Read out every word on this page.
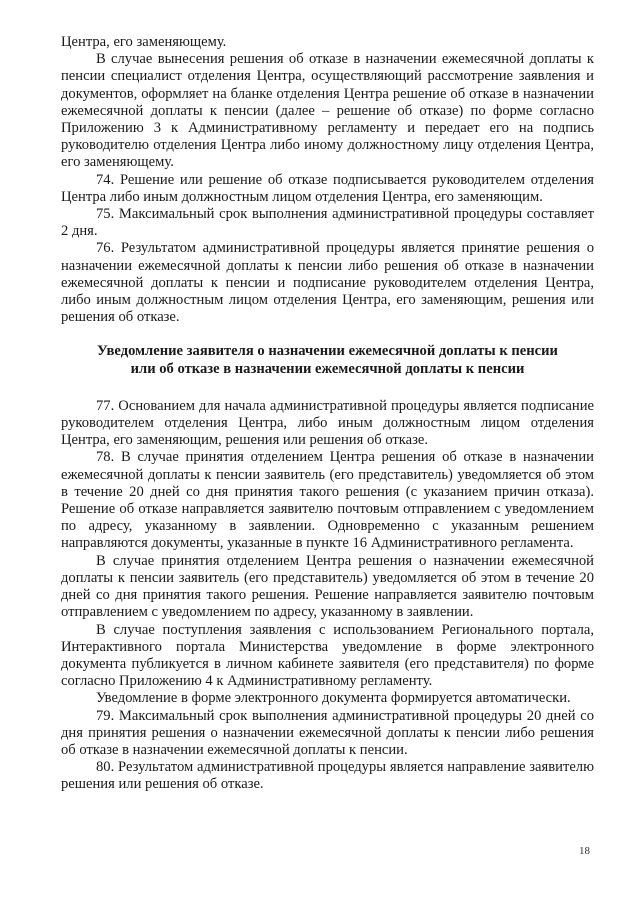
Центра, его заменяющему.

В случае вынесения решения об отказе в назначении ежемесячной доплаты к пенсии специалист отделения Центра, осуществляющий рассмотрение заявления и документов, оформляет на бланке отделения Центра решение об отказе в назначении ежемесячной доплаты к пенсии (далее – решение об отказе) по форме согласно Приложению 3 к Административному регламенту и передает его на подпись руководителю отделения Центра либо иному должностному лицу отделения Центра, его заменяющему.

74. Решение или решение об отказе подписывается руководителем отделения Центра либо иным должностным лицом отделения Центра, его заменяющим.

75. Максимальный срок выполнения административной процедуры составляет 2 дня.

76. Результатом административной процедуры является принятие решения о назначении ежемесячной доплаты к пенсии либо решения об отказе в назначении ежемесячной доплаты к пенсии и подписание руководителем отделения Центра, либо иным должностным лицом отделения Центра, его заменяющим, решения или решения об отказе.

Уведомление заявителя о назначении ежемесячной доплаты к пенсии
или об отказе в назначении ежемесячной доплаты к пенсии

77. Основанием для начала административной процедуры является подписание руководителем отделения Центра, либо иным должностным лицом отделения Центра, его заменяющим, решения или решения об отказе.

78. В случае принятия отделением Центра решения об отказе в назначении ежемесячной доплаты к пенсии заявитель (его представитель) уведомляется об этом в течение 20 дней со дня принятия такого решения (с указанием причин отказа). Решение об отказе направляется заявителю почтовым отправлением с уведомлением по адресу, указанному в заявлении. Одновременно с указанным решением направляются документы, указанные в пункте 16 Административного регламента.

В случае принятия отделением Центра решения о назначении ежемесячной доплаты к пенсии заявитель (его представитель) уведомляется об этом в течение 20 дней со дня принятия такого решения. Решение направляется заявителю почтовым отправлением с уведомлением по адресу, указанному в заявлении.

В случае поступления заявления с использованием Регионального портала, Интерактивного портала Министерства уведомление в форме электронного документа публикуется в личном кабинете заявителя (его представителя) по форме согласно Приложению 4 к Административному регламенту.

Уведомление в форме электронного документа формируется автоматически.

79. Максимальный срок выполнения административной процедуры 20 дней со дня принятия решения о назначении ежемесячной доплаты к пенсии либо решения об отказе в назначении ежемесячной доплаты к пенсии.

80. Результатом административной процедуры является направление заявителю решения или решения об отказе.

18
